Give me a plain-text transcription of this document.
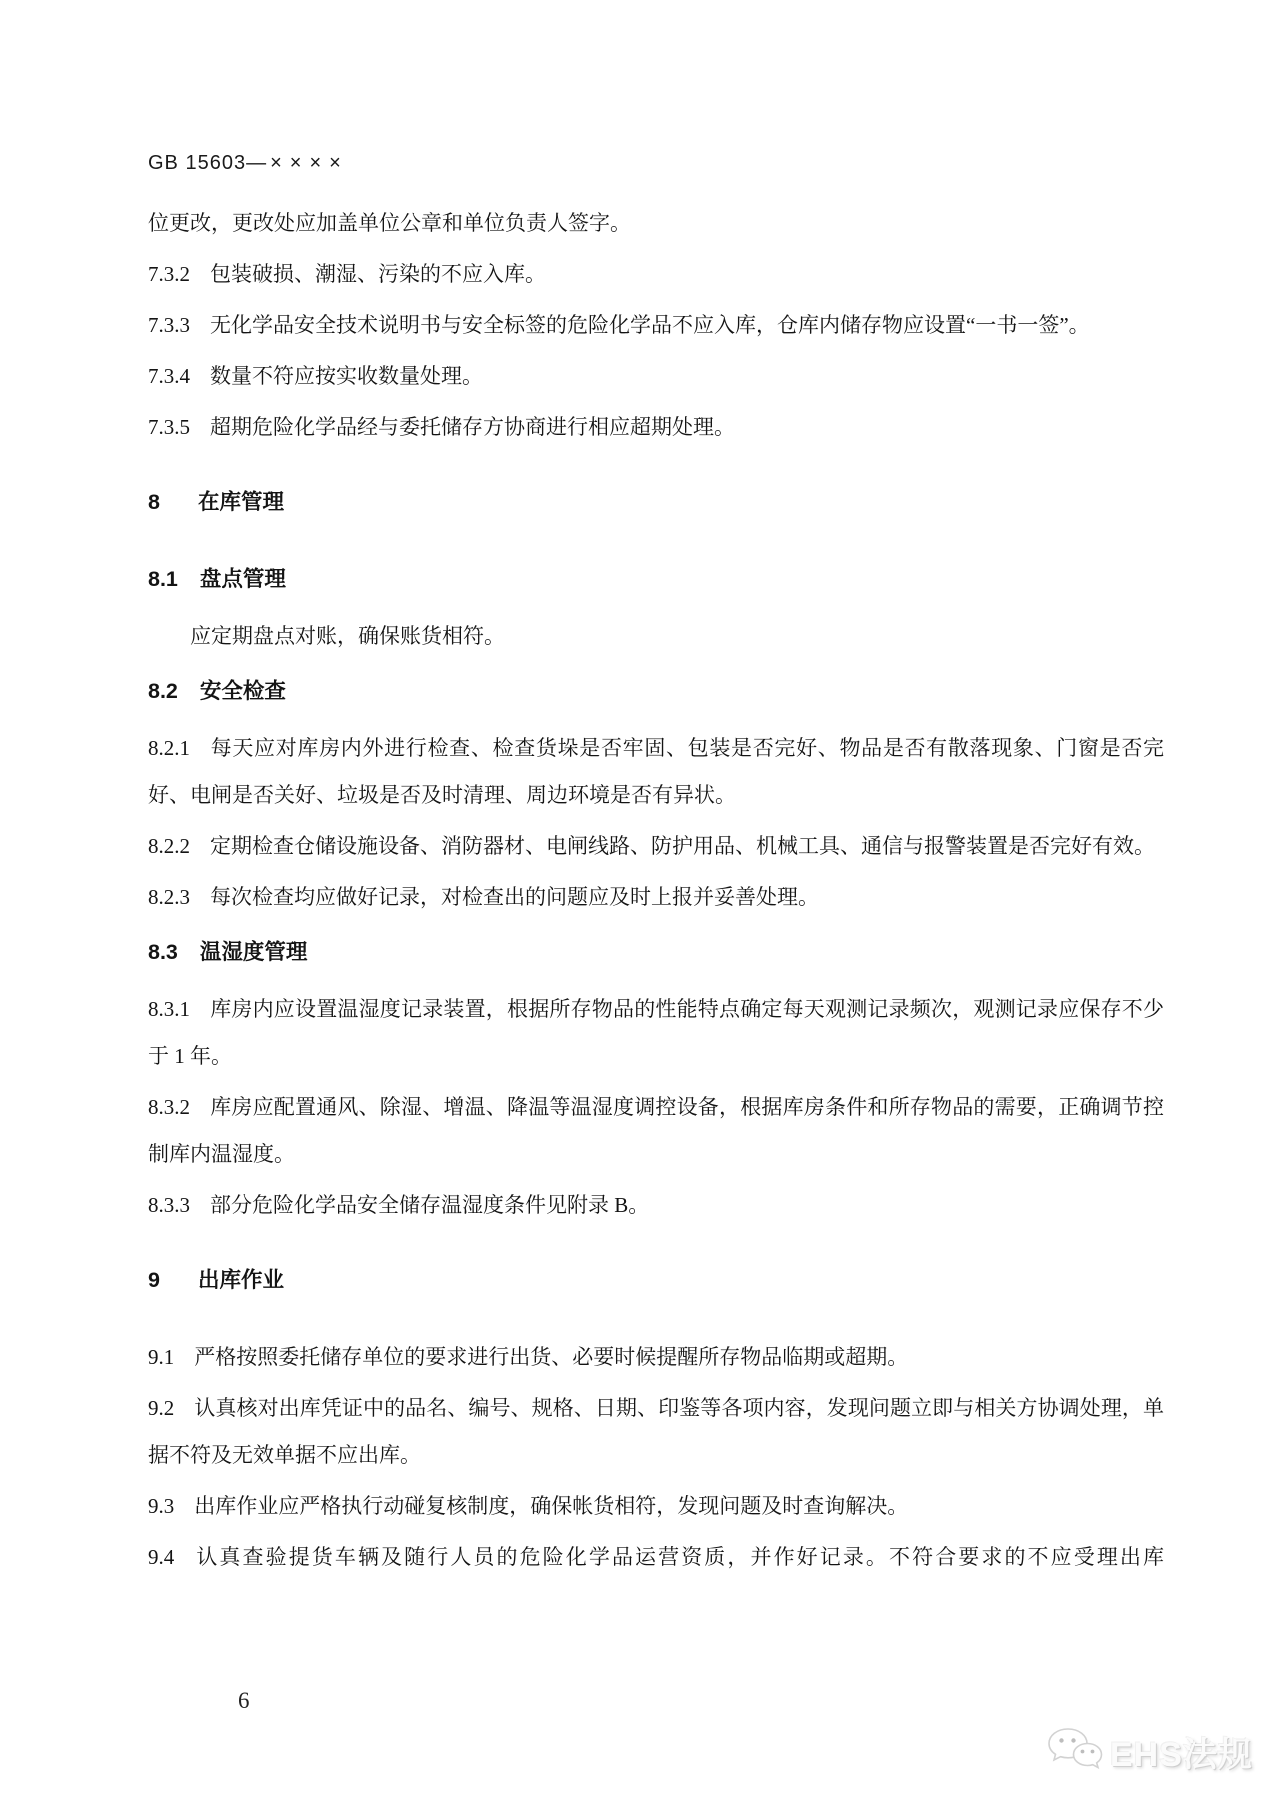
GB 15603— ××××

位更改，更改处应加盖单位公章和单位负责人签字。

7.3.2 包装破损、潮湿、污染的不应入库。

7.3.3 无化学品安全技术说明书与安全标签的危险化学品不应入库，仓库内储存物应设置“一书一签”。

7.3.4 数量不符应按实收数量处理。

7.3.5 超期危险化学品经与委托储存方协商进行相应超期处理。

8 在库管理

8.1 盘点管理

应定期盘点对账，确保账货相符。

8.2 安全检查

8.2.1 每天应对库房内外进行检查、检查货垛是否牢固、包装是否完好、物品是否有散落现象、门窗是否完好、电闸是否关好、垃圾是否及时清理、周边环境是否有异状。

8.2.2 定期检查仓储设施设备、消防器材、电闸线路、防护用品、机械工具、通信与报警装置是否完好有效。

8.2.3 每次检查均应做好记录，对检查出的问题应及时上报并妥善处理。

8.3 温湿度管理

8.3.1 库房内应设置温湿度记录装置，根据所存物品的性能特点确定每天观测记录频次，观测记录应保存不少于 1 年。

8.3.2 库房应配置通风、除湿、增温、降温等温湿度调控设备，根据库房条件和所存物品的需要，正确调节控制库内温湿度。

8.3.3 部分危险化学品安全储存温湿度条件见附录 B。

9 出库作业

9.1 严格按照委托储存单位的要求进行出货、必要时候提醒所存物品临期或超期。

9.2 认真核对出库凭证中的品名、编号、规格、日期、印鉴等各项内容，发现问题立即与相关方协调处理，单据不符及无效单据不应出库。

9.3 出库作业应严格执行动碰复核制度，确保帐货相符，发现问题及时查询解决。

9.4 认真查验提货车辆及随行人员的危险化学品运营资质，并作好记录。不符合要求的不应受理出库

6
EHS法规
